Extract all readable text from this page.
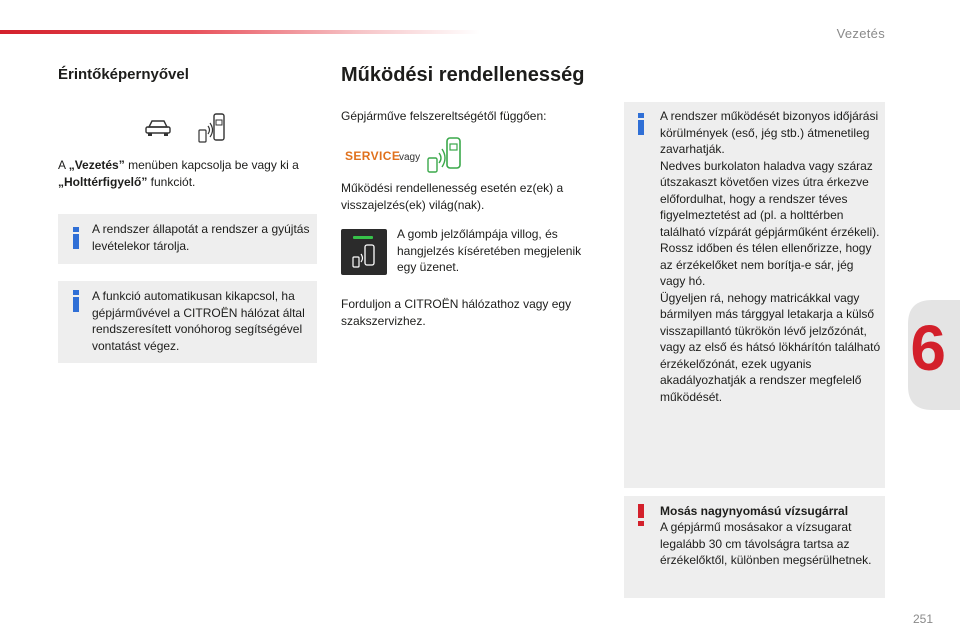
Vezetés
6
Érintőképernyővel
A „Vezetés” menüben kapcsolja be vagy ki a „Holttérfigyelő” funkciót.
A rendszer állapotát a rendszer a gyújtás levételekor tárolja.
A funkció automatikusan kikapcsol, ha gépjárművével a CITROËN hálózat által rendszeresített vonóhorog segítségével vontatást végez.
Működési rendellenesség
Gépjárműve felszereltségétől függően:
SERVICE
vagy
Működési rendellenesség esetén ez(ek) a visszajelzés(ek) világ(nak).
A gomb jelzőlámpája villog, és hangjelzés kíséretében megjelenik egy üzenet.
Forduljon a CITROËN hálózathoz vagy egy szakszervizhez.
A rendszer működését bizonyos időjárási körülmények (eső, jég stb.) átmenetileg zavarhatják.
Nedves burkolaton haladva vagy száraz útszakaszt követően vizes útra érkezve előfordulhat, hogy a rendszer téves figyelmeztetést ad (pl. a holttérben található vízpárát gépjárműként érzékeli).
Rossz időben és télen ellenőrizze, hogy az érzékelőket nem borítja-e sár, jég vagy hó.
Ügyeljen rá, nehogy matricákkal vagy bármilyen más tárggyal letakarja a külső visszapillantó tükrökön lévő jelzőzónát, vagy az első és hátsó lökhárítón található érzékelőzónát, ezek ugyanis akadályozhatják a rendszer megfelelő működését.
Mosás nagynyomású vízsugárral
A gépjármű mosásakor a vízsugarat legalább 30 cm távolságra tartsa az érzékelőktől, különben megsérülhetnek.
251
